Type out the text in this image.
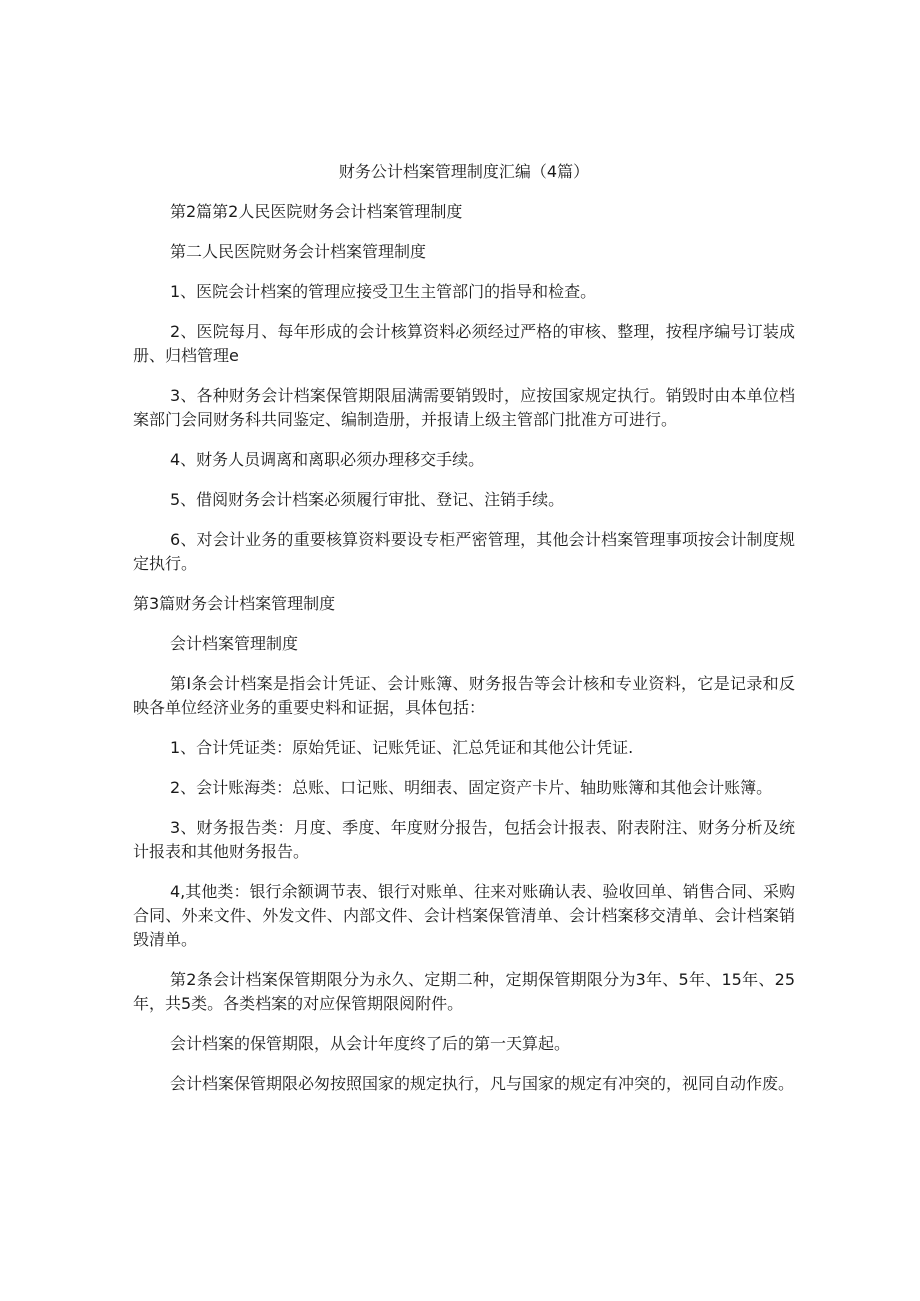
财务公计档案管理制度汇编（4篇）

第2篇第2人民医院财务会计档案管理制度

第二人民医院财务会计档案管理制度

1、医院会计档案的管理应接受卫生主管部门的指导和检查。

2、医院每月、每年形成的会计核算资料必须经过严格的审核、整理，按程序编号订装成册、归档管理e

3、各种财务会计档案保管期限届满需要销毁时，应按国家规定执行。销毁时由本单位档案部门会同财务科共同鉴定、编制造册，并报请上级主管部门批准方可进行。

4、财务人员调离和离职必须办理移交手续。

5、借阅财务会计档案必须履行审批、登记、注销手续。

6、对会计业务的重要核算资料要设专柜严密管理，其他会计档案管理事项按会计制度规定执行。

第3篇财务会计档案管理制度

会计档案管理制度

第I条会计档案是指会计凭证、会计账簿、财务报告等会计核和专业资料，它是记录和反映各单位经济业务的重要史料和证据，具体包括：

1、合计凭证类：原始凭证、记账凭证、汇总凭证和其他公计凭证.

2、会计账海类：总账、口记账、明细表、固定资产卡片、轴助账簿和其他会计账簿。

3、财务报告类：月度、季度、年度财分报告，包括会计报表、附表附注、财务分析及统计报表和其他财务报告。

4,其他类：银行余额调节表、银行对账单、往来对账确认表、验收回单、销售合同、采购合同、外来文件、外发文件、内部文件、会计档案保管清单、会计档案移交清单、会计档案销毁清单。

第2条会计档案保管期限分为永久、定期二种，定期保管期限分为3年、5年、15年、25年，共5类。各类档案的对应保管期限阅附件。

会计档案的保管期限，从会计年度终了后的第一天算起。

会计档案保管期限必匆按照国家的规定执行，凡与国家的规定有冲突的，视同自动作废。
